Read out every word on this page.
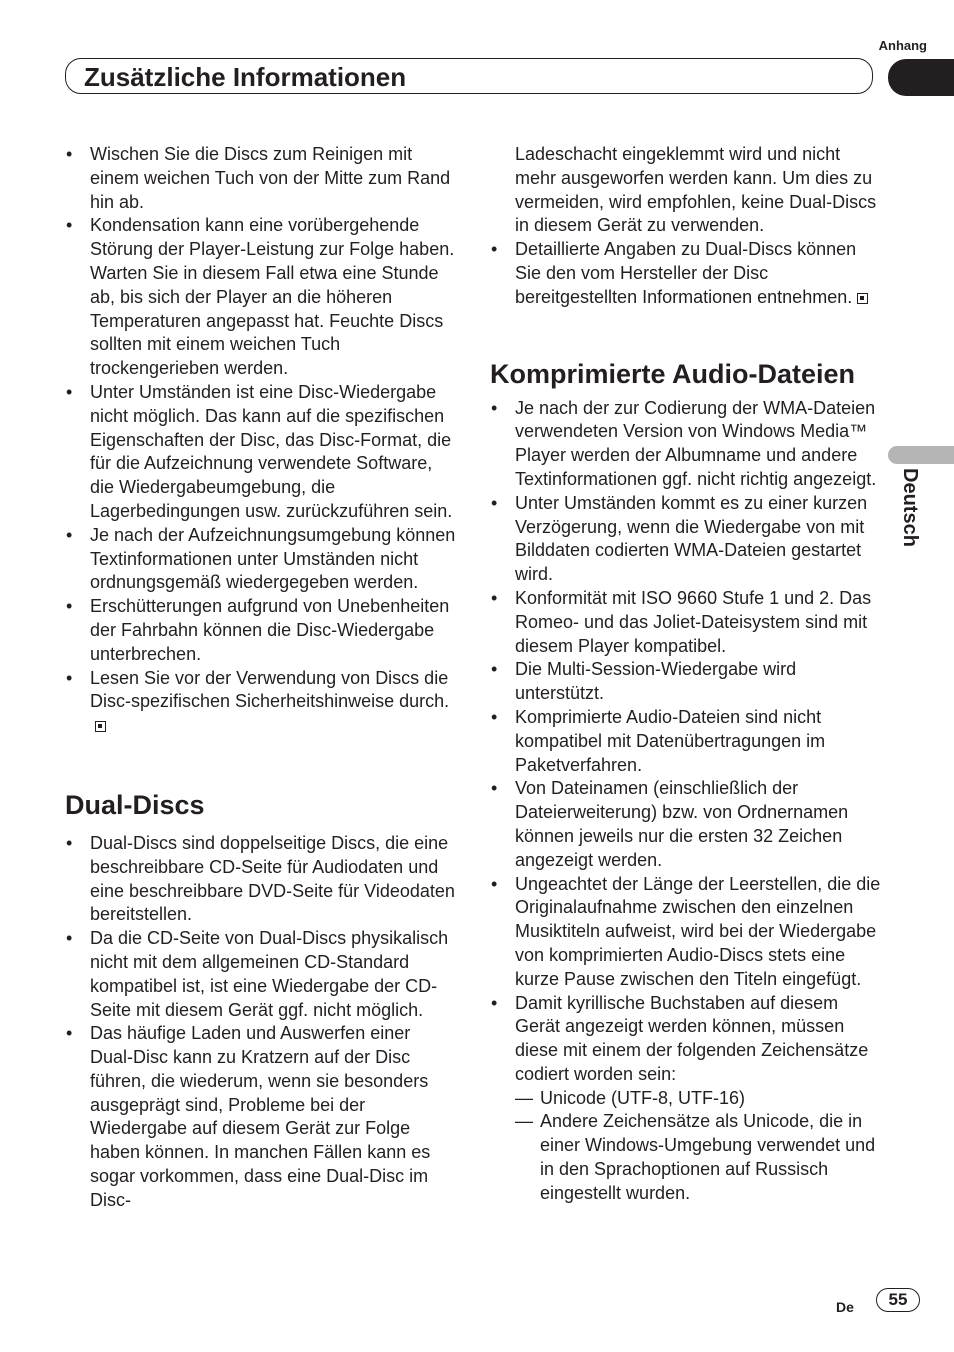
Anhang
Zusätzliche Informationen
Deutsch
• Wischen Sie die Discs zum Reinigen mit einem weichen Tuch von der Mitte zum Rand hin ab.
• Kondensation kann eine vorübergehende Störung der Player-Leistung zur Folge haben. Warten Sie in diesem Fall etwa eine Stunde ab, bis sich der Player an die höheren Temperaturen angepasst hat. Feuchte Discs sollten mit einem weichen Tuch trockengerieben werden.
• Unter Umständen ist eine Disc-Wiedergabe nicht möglich. Das kann auf die spezifischen Eigenschaften der Disc, das Disc-Format, die für die Aufzeichnung verwendete Software, die Wiedergabeumgebung, die Lagerbedingungen usw. zurückzuführen sein.
• Je nach der Aufzeichnungsumgebung können Textinformationen unter Umständen nicht ordnungsgemäß wiedergegeben werden.
• Erschütterungen aufgrund von Unebenheiten der Fahrbahn können die Disc-Wiedergabe unterbrechen.
• Lesen Sie vor der Verwendung von Discs die Disc-spezifischen Sicherheitshinweise durch.
Dual-Discs
• Dual-Discs sind doppelseitige Discs, die eine beschreibbare CD-Seite für Audiodaten und eine beschreibbare DVD-Seite für Videodaten bereitstellen.
• Da die CD-Seite von Dual-Discs physikalisch nicht mit dem allgemeinen CD-Standard kompatibel ist, ist eine Wiedergabe der CD-Seite mit diesem Gerät ggf. nicht möglich.
• Das häufige Laden und Auswerfen einer Dual-Disc kann zu Kratzern auf der Disc führen, die wiederum, wenn sie besonders ausgeprägt sind, Probleme bei der Wiedergabe auf diesem Gerät zur Folge haben können. In manchen Fällen kann es sogar vorkommen, dass eine Dual-Disc im Disc-
Ladeschacht eingeklemmt wird und nicht mehr ausgeworfen werden kann. Um dies zu vermeiden, wird empfohlen, keine Dual-Discs in diesem Gerät zu verwenden.
• Detaillierte Angaben zu Dual-Discs können Sie den vom Hersteller der Disc bereitgestellten Informationen entnehmen.
Komprimierte Audio-Dateien
• Je nach der zur Codierung der WMA-Dateien verwendeten Version von Windows Media™ Player werden der Albumname und andere Textinformationen ggf. nicht richtig angezeigt.
• Unter Umständen kommt es zu einer kurzen Verzögerung, wenn die Wiedergabe von mit Bilddaten codierten WMA-Dateien gestartet wird.
• Konformität mit ISO 9660 Stufe 1 und 2. Das Romeo- und das Joliet-Dateisystem sind mit diesem Player kompatibel.
• Die Multi-Session-Wiedergabe wird unterstützt.
• Komprimierte Audio-Dateien sind nicht kompatibel mit Datenübertragungen im Paketverfahren.
• Von Dateinamen (einschließlich der Dateierweiterung) bzw. von Ordnernamen können jeweils nur die ersten 32 Zeichen angezeigt werden.
• Ungeachtet der Länge der Leerstellen, die die Originalaufnahme zwischen den einzelnen Musiktiteln aufweist, wird bei der Wiedergabe von komprimierten Audio-Discs stets eine kurze Pause zwischen den Titeln eingefügt.
• Damit kyrillische Buchstaben auf diesem Gerät angezeigt werden können, müssen diese mit einem der folgenden Zeichensätze codiert worden sein:
— Unicode (UTF-8, UTF-16)
— Andere Zeichensätze als Unicode, die in einer Windows-Umgebung verwendet und in den Sprachoptionen auf Russisch eingestellt wurden.
De	55
